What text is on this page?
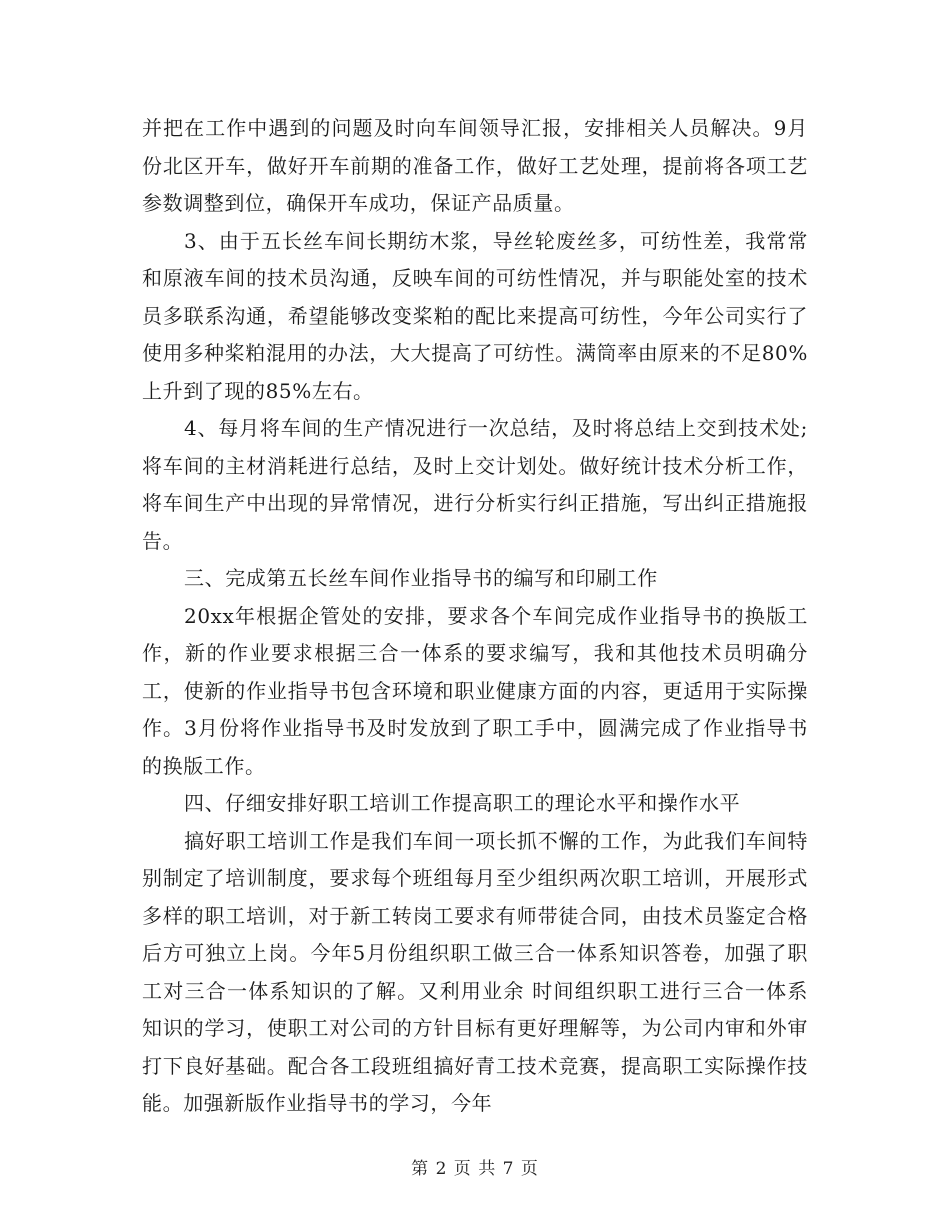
并把在工作中遇到的问题及时向车间领导汇报，安排相关人员解决。9月份北区开车，做好开车前期的准备工作，做好工艺处理，提前将各项工艺参数调整到位，确保开车成功，保证产品质量。

3、由于五长丝车间长期纺木浆，导丝轮废丝多，可纺性差，我常常和原液车间的技术员沟通，反映车间的可纺性情况，并与职能处室的技术员多联系沟通，希望能够改变桨粕的配比来提高可纺性，今年公司实行了使用多种桨粕混用的办法，大大提高了可纺性。满筒率由原来的不足80%上升到了现的85%左右。

4、每月将车间的生产情况进行一次总结，及时将总结上交到技术处;将车间的主材消耗进行总结，及时上交计划处。做好统计技术分析工作，将车间生产中出现的异常情况，进行分析实行纠正措施，写出纠正措施报告。

三、完成第五长丝车间作业指导书的编写和印刷工作

20xx年根据企管处的安排，要求各个车间完成作业指导书的换版工作，新的作业要求根据三合一体系的要求编写，我和其他技术员明确分工，使新的作业指导书包含环境和职业健康方面的内容，更适用于实际操作。3月份将作业指导书及时发放到了职工手中，圆满完成了作业指导书的换版工作。

四、仔细安排好职工培训工作提高职工的理论水平和操作水平

搞好职工培训工作是我们车间一项长抓不懈的工作，为此我们车间特别制定了培训制度，要求每个班组每月至少组织两次职工培训，开展形式多样的职工培训，对于新工转岗工要求有师带徒合同，由技术员鉴定合格后方可独立上岗。今年5月份组织职工做三合一体系知识答卷，加强了职工对三合一体系知识的了解。又利用业余 时间组织职工进行三合一体系知识的学习，使职工对公司的方针目标有更好理解等，为公司内审和外审打下良好基础。配合各工段班组搞好青工技术竞赛，提高职工实际操作技能。加强新版作业指导书的学习，今年

第 2 页 共 7 页
